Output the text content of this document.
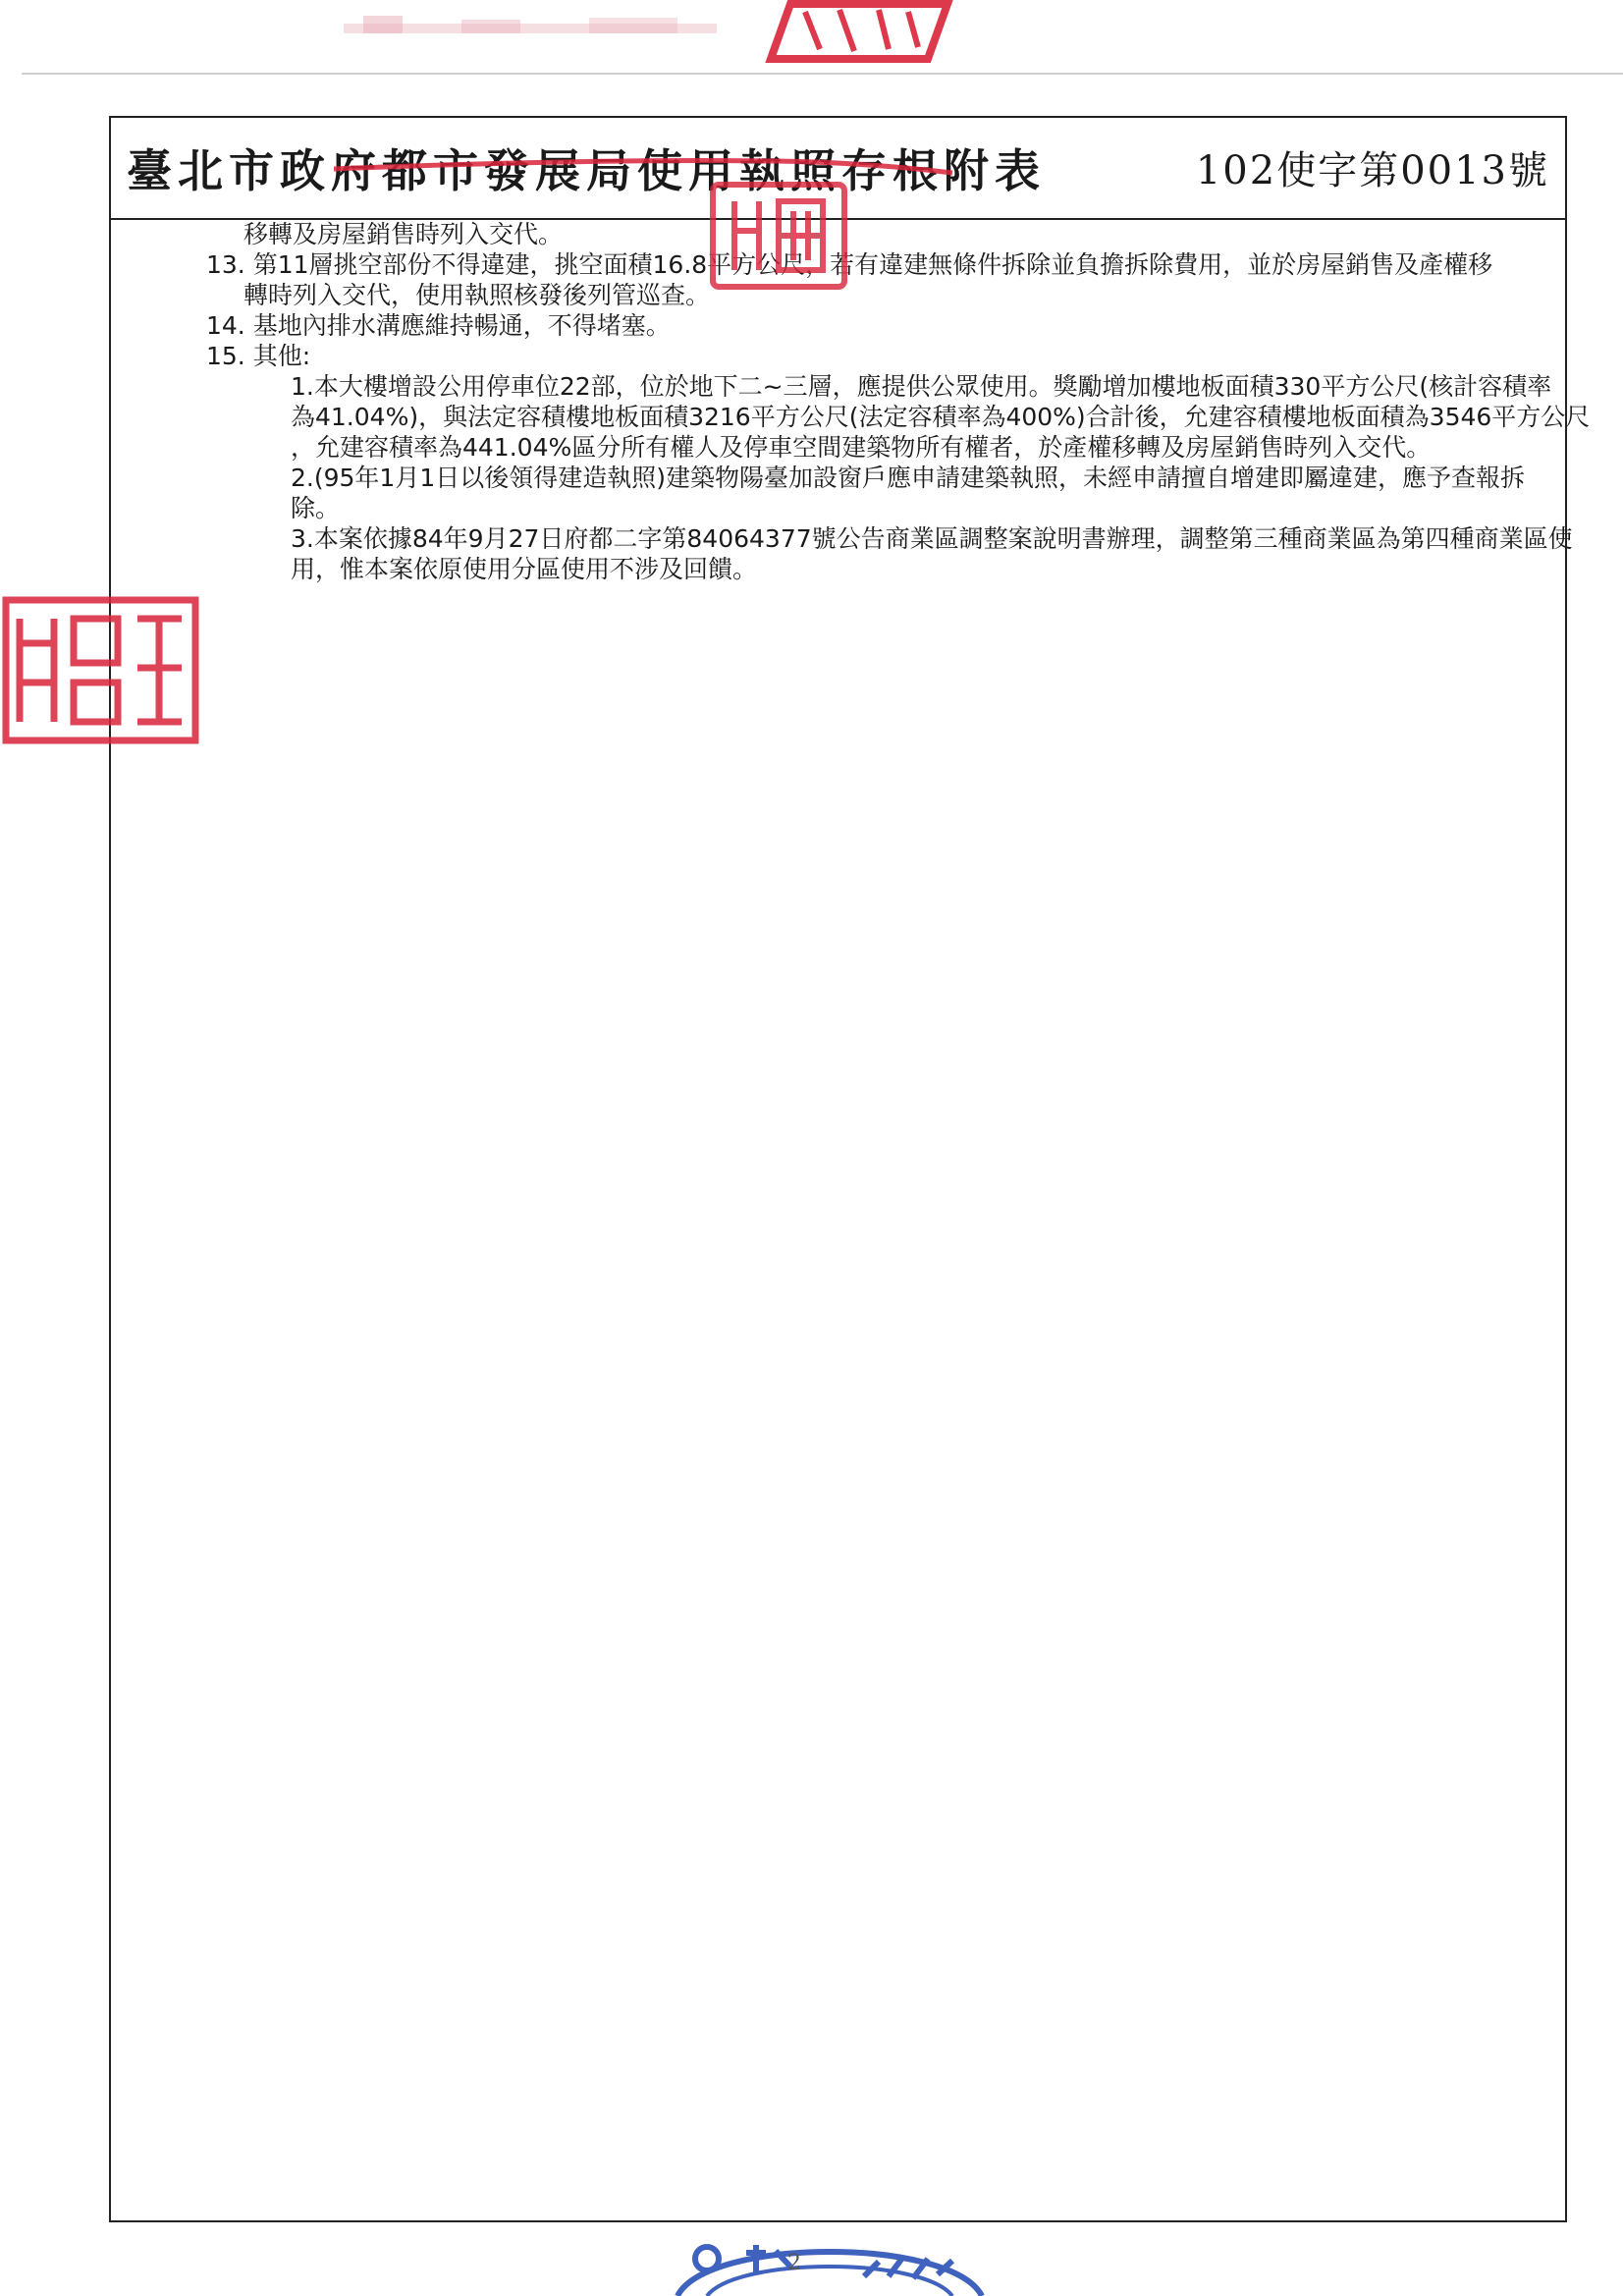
臺北市政府都市發展局使用執照存根附表	102使字第0013號
移轉及房屋銷售時列入交代。
13. 第11層挑空部份不得違建，挑空面積16.8平方公尺，若有違建無條件拆除並負擔拆除費用，並於房屋銷售及產權移
轉時列入交代，使用執照核發後列管巡查。
14. 基地內排水溝應維持暢通，不得堵塞。
15. 其他:
1.本大樓增設公用停車位22部，位於地下二~三層，應提供公眾使用。獎勵增加樓地板面積330平方公尺(核計容積率
為41.04%)，與法定容積樓地板面積3216平方公尺(法定容積率為400%)合計後，允建容積樓地板面積為3546平方公尺
，允建容積率為441.04%區分所有權人及停車空間建築物所有權者，於產權移轉及房屋銷售時列入交代。
2.(95年1月1日以後領得建造執照)建築物陽臺加設窗戶應申請建築執照，未經申請擅自增建即屬違建，應予查報拆
除。
3.本案依據84年9月27日府都二字第84064377號公告商業區調整案說明書辦理，調整第三種商業區為第四種商業區使
用，惟本案依原使用分區使用不涉及回饋。
2
